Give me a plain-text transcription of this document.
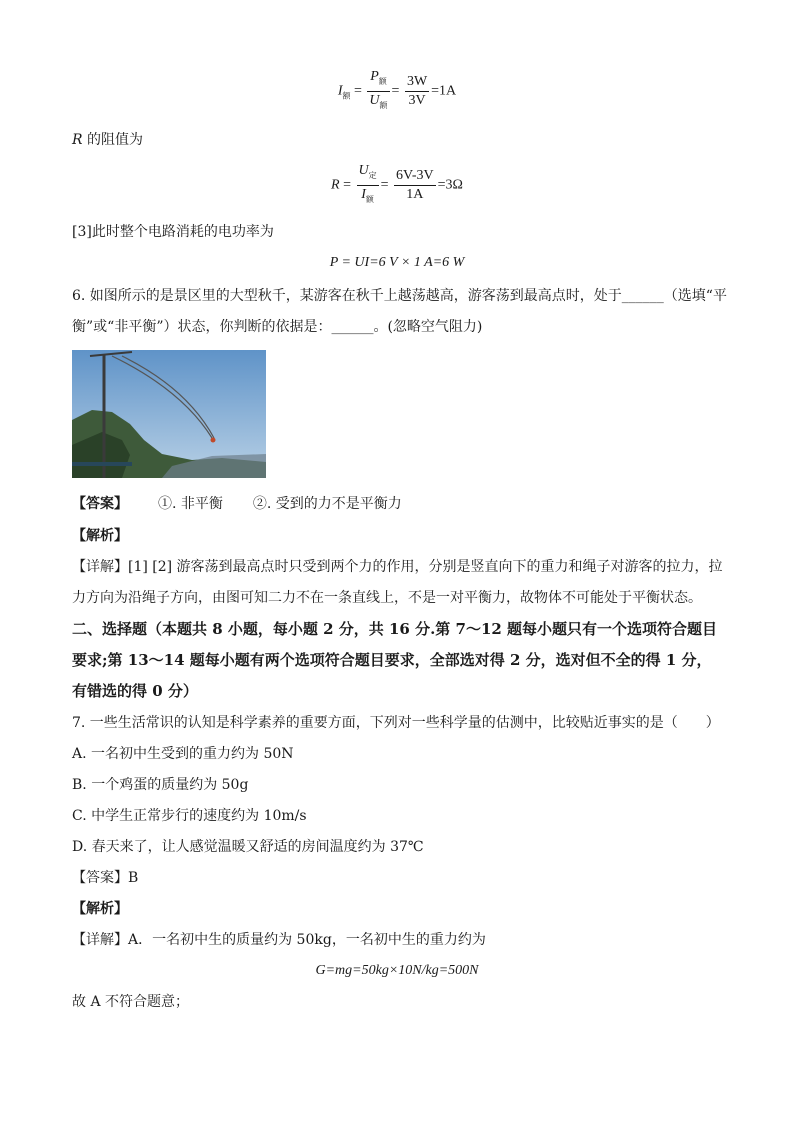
$I_额 = \frac{P_额}{U_额} = \frac{3W}{3V} =1A$
R 的阻值为
$R = \frac{U_定}{I_额} = \frac{6V-3V}{1A} =3\Omega$
[3]此时整个电路消耗的电功率为
P = UI=6 V × 1 A=6 W
6. 如图所示的是景区里的大型秋千，某游客在秋千上越荡越高，游客荡到最高点时，处于______（选填“平
衡”或“非平衡”）状态，你判断的依据是：______。(忽略空气阻力)
【答案】 ①. 非平衡 ②. 受到的力不是平衡力
【解析】
【详解】[1] [2] 游客荡到最高点时只受到两个力的作用，分别是竖直向下的重力和绳子对游客的拉力，拉
力方向为沿绳子方向，由图可知二力不在一条直线上，不是一对平衡力，故物体不可能处于平衡状态。
二、选择题（本题共 8 小题，每小题 2 分，共 16 分.第 7～12 题每小题只有一个选项符合题目
要求;第 13～14 题每小题有两个选项符合题目要求，全部选对得 2 分，选对但不全的得 1 分，
有错选的得 0 分）
7. 一些生活常识的认知是科学素养的重要方面，下列对一些科学量的估测中，比较贴近事实的是（　　）
A. 一名初中生受到的重力约为 50N
B. 一个鸡蛋的质量约为 50g
C. 中学生正常步行的速度约为 10m/s
D. 春天来了，让人感觉温暖又舒适的房间温度约为 37℃
【答案】B
【解析】
【详解】A．一名初中生的质量约为 50kg，一名初中生的重力约为
G=mg=50kg×10N/kg=500N
故 A 不符合题意；
